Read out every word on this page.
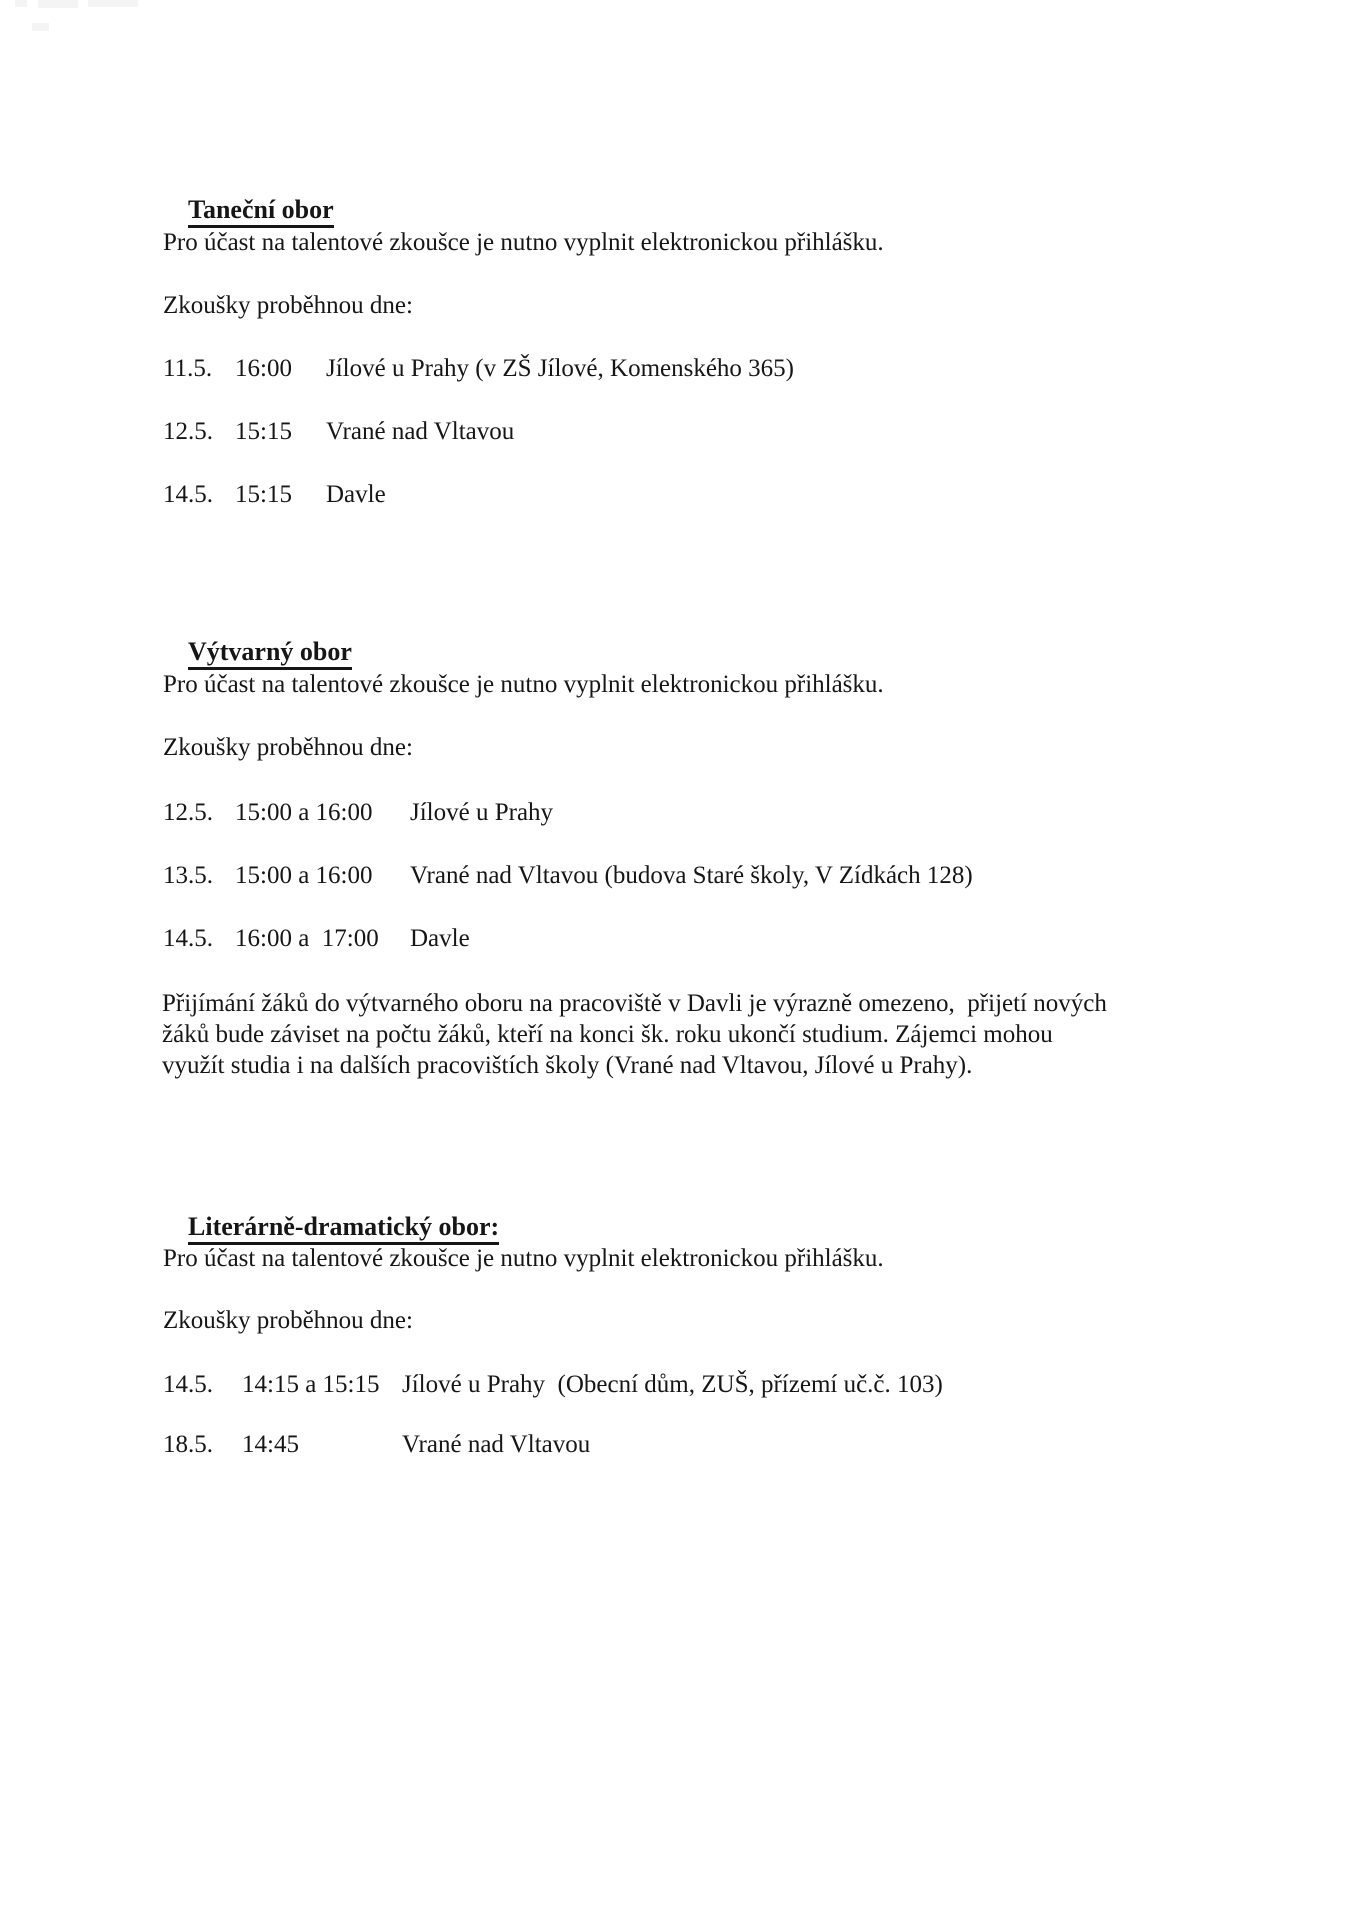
Taneční obor

Pro účast na talentové zkoušce je nutno vyplnit elektronickou přihlášku.
Zkoušky proběhnou dne:
11.5. 16:00 Jílové u Prahy (v ZŠ Jílové, Komenského 365)
12.5. 15:15 Vrané nad Vltavou
14.5. 15:15 Davle

Výtvarný obor

Pro účast na talentové zkoušce je nutno vyplnit elektronickou přihlášku.
Zkoušky proběhnou dne:
12.5. 15:00 a 16:00 Jílové u Prahy
13.5. 15:00 a 16:00 Vrané nad Vltavou (budova Staré školy, V Zídkách 128)
14.5. 16:00 a  17:00 Davle
Přijímání žáků do výtvarného oboru na pracoviště v Davli je výrazně omezeno,  přijetí nových
žáků bude záviset na počtu žáků, kteří na konci šk. roku ukončí studium. Zájemci mohou
využít studia i na dalších pracovištích školy (Vrané nad Vltavou, Jílové u Prahy).

Literárně-dramatický obor:

Pro účast na talentové zkoušce je nutno vyplnit elektronickou přihlášku.
Zkoušky proběhnou dne:
14.5. 14:15 a 15:15 Jílové u Prahy  (Obecní dům, ZUŠ, přízemí uč.č. 103)
18.5. 14:45	Vrané nad Vltavou
